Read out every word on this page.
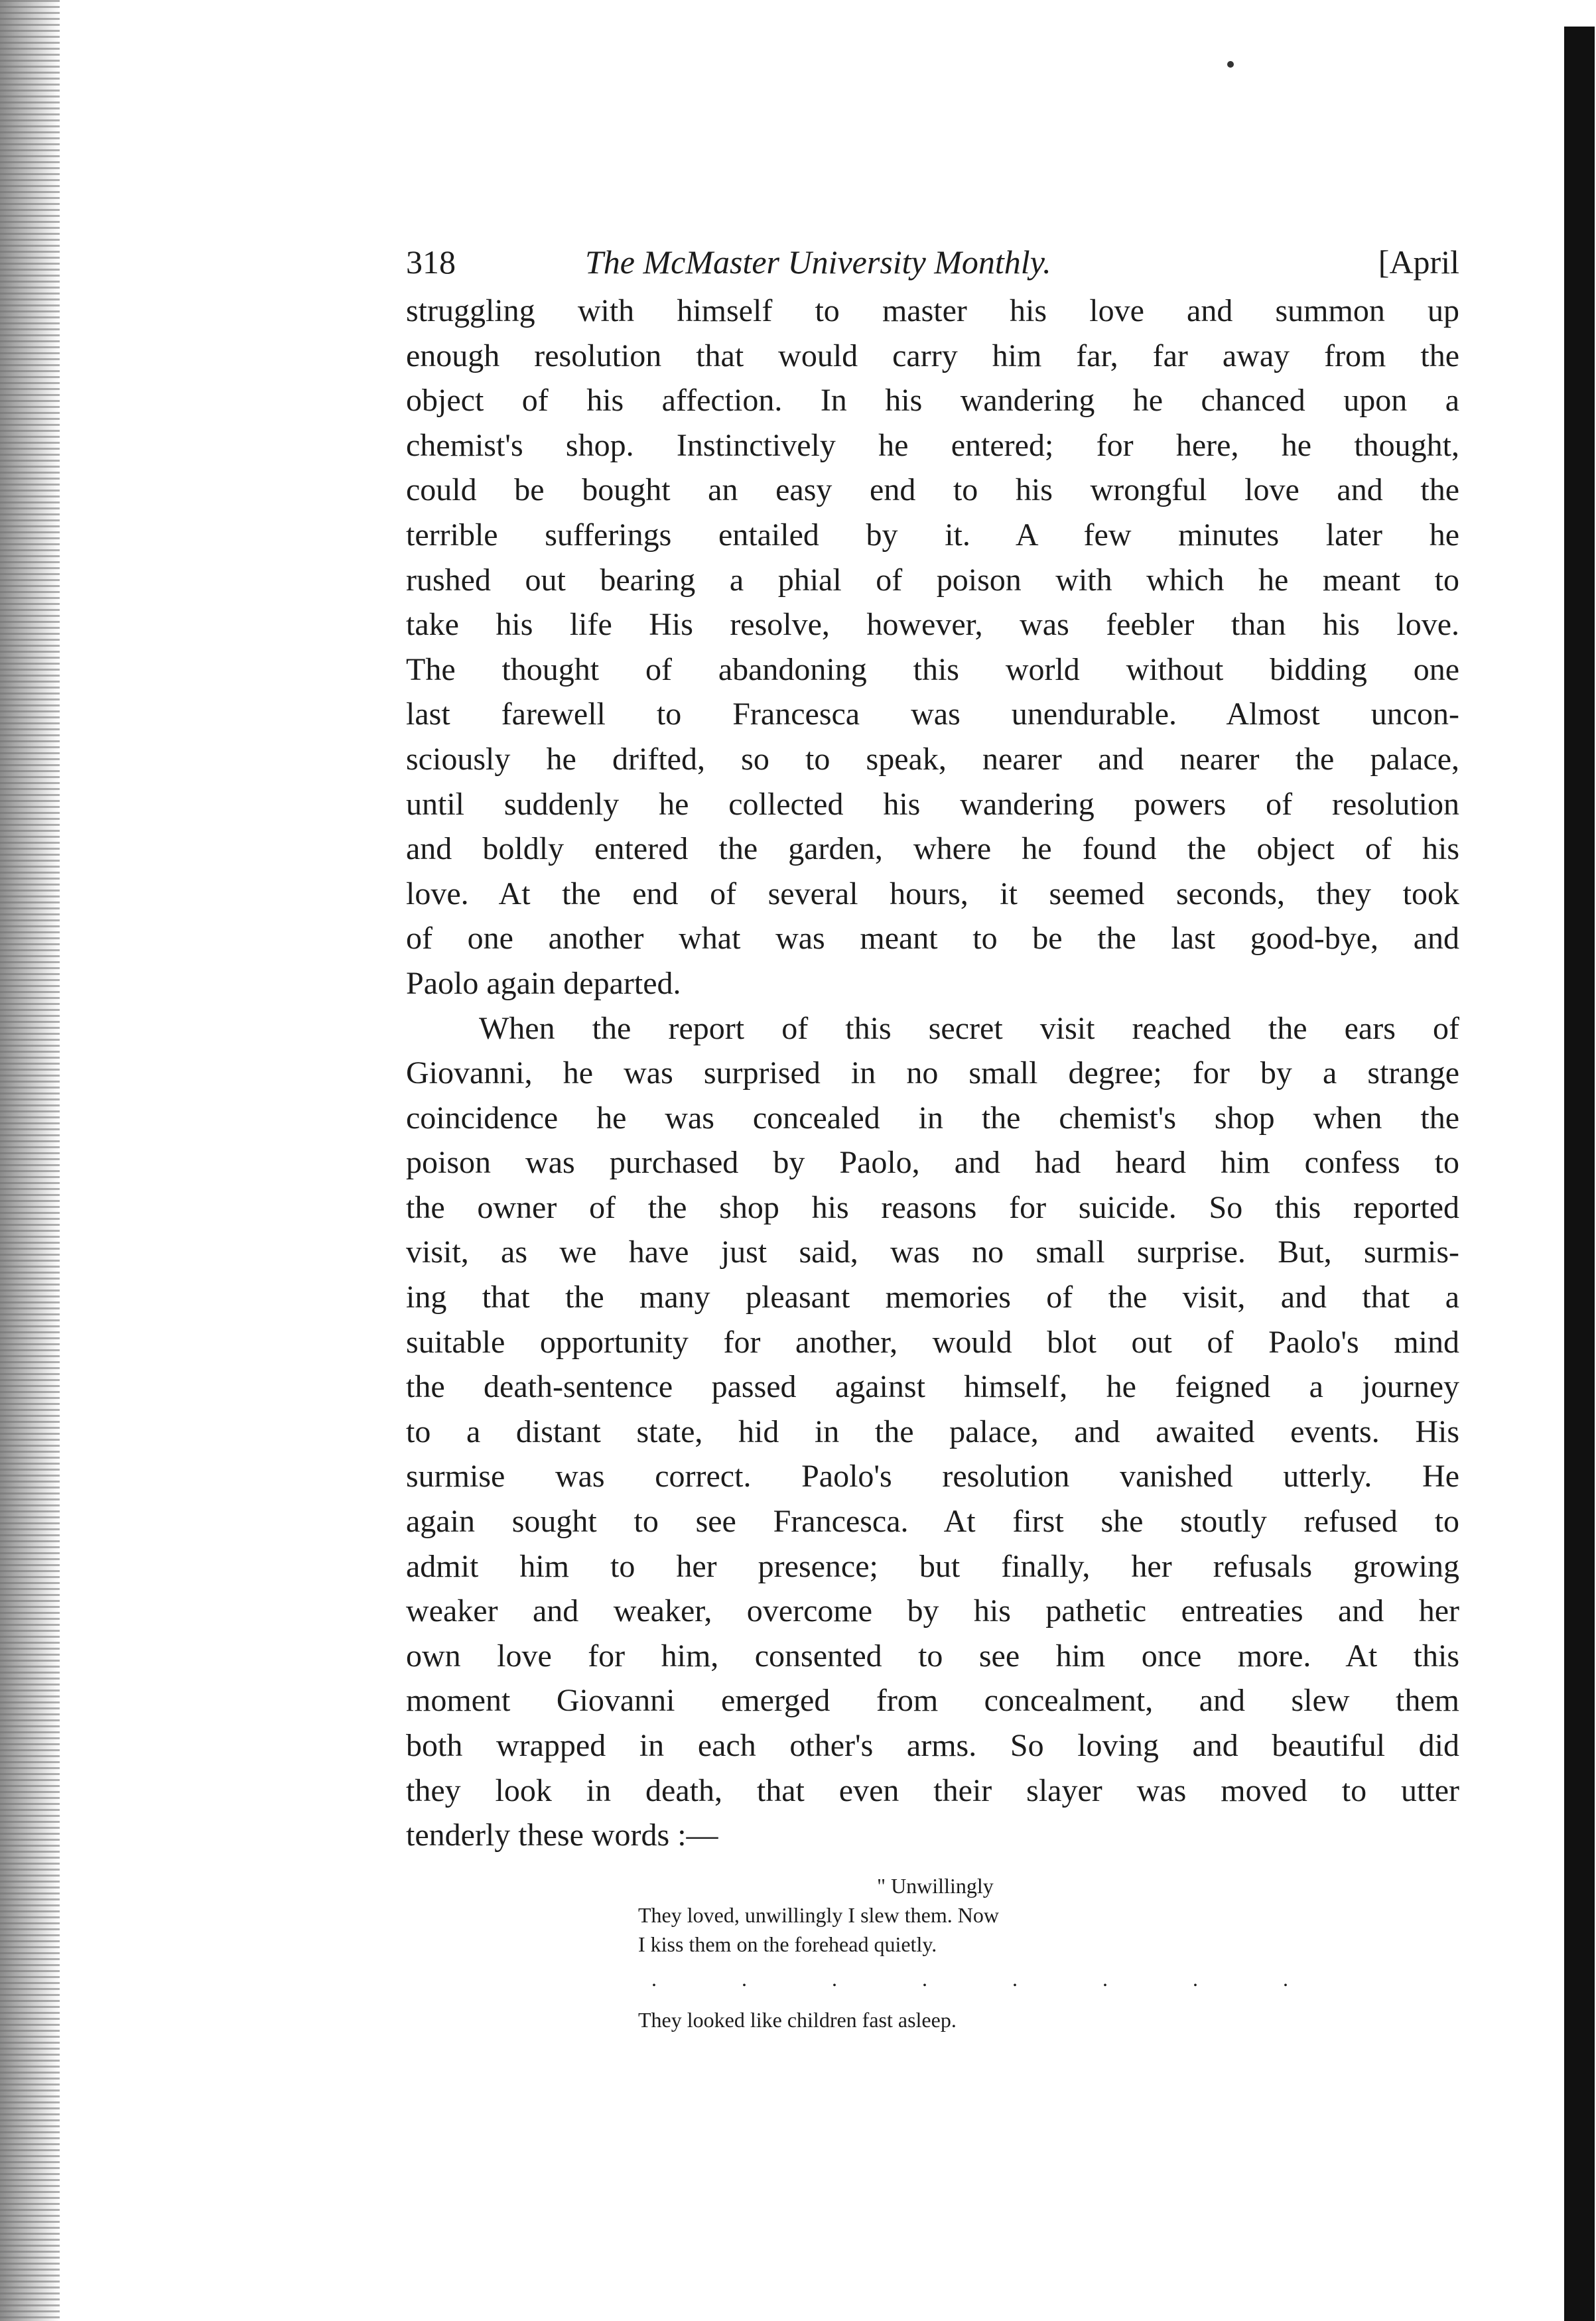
318	The McMaster University Monthly.	[April
struggling with himself to master his love and summon up
enough resolution that would carry him far, far away from the
object of his affection. In his wandering he chanced upon a
chemist's shop. Instinctively he entered; for here, he thought,
could be bought an easy end to his wrongful love and the
terrible sufferings entailed by it. A few minutes later he
rushed out bearing a phial of poison with which he meant to
take his life His resolve, however, was feebler than his love.
The thought of abandoning this world without bidding one
last farewell to Francesca was unendurable. Almost uncon-
sciously he drifted, so to speak, nearer and nearer the palace,
until suddenly he collected his wandering powers of resolution
and boldly entered the garden, where he found the object of his
love. At the end of several hours, it seemed seconds, they took
of one another what was meant to be the last good-bye, and
Paolo again departed.
When the report of this secret visit reached the ears of
Giovanni, he was surprised in no small degree; for by a strange
coincidence he was concealed in the chemist's shop when the
poison was purchased by Paolo, and had heard him confess to
the owner of the shop his reasons for suicide. So this reported
visit, as we have just said, was no small surprise. But, surmis-
ing that the many pleasant memories of the visit, and that a
suitable opportunity for another, would blot out of Paolo's mind
the death-sentence passed against himself, he feigned a journey
to a distant state, hid in the palace, and awaited events. His
surmise was correct. Paolo's resolution vanished utterly. He
again sought to see Francesca. At first she stoutly refused to
admit him to her presence; but finally, her refusals growing
weaker and weaker, overcome by his pathetic entreaties and her
own love for him, consented to see him once more. At this
moment Giovanni emerged from concealment, and slew them
both wrapped in each other's arms. So loving and beautiful did
they look in death, that even their slayer was moved to utter
tenderly these words :—
" Unwillingly
They loved, unwillingly I slew them. Now
I kiss them on the forehead quietly.
. . . . . . . .
They looked like children fast asleep.
